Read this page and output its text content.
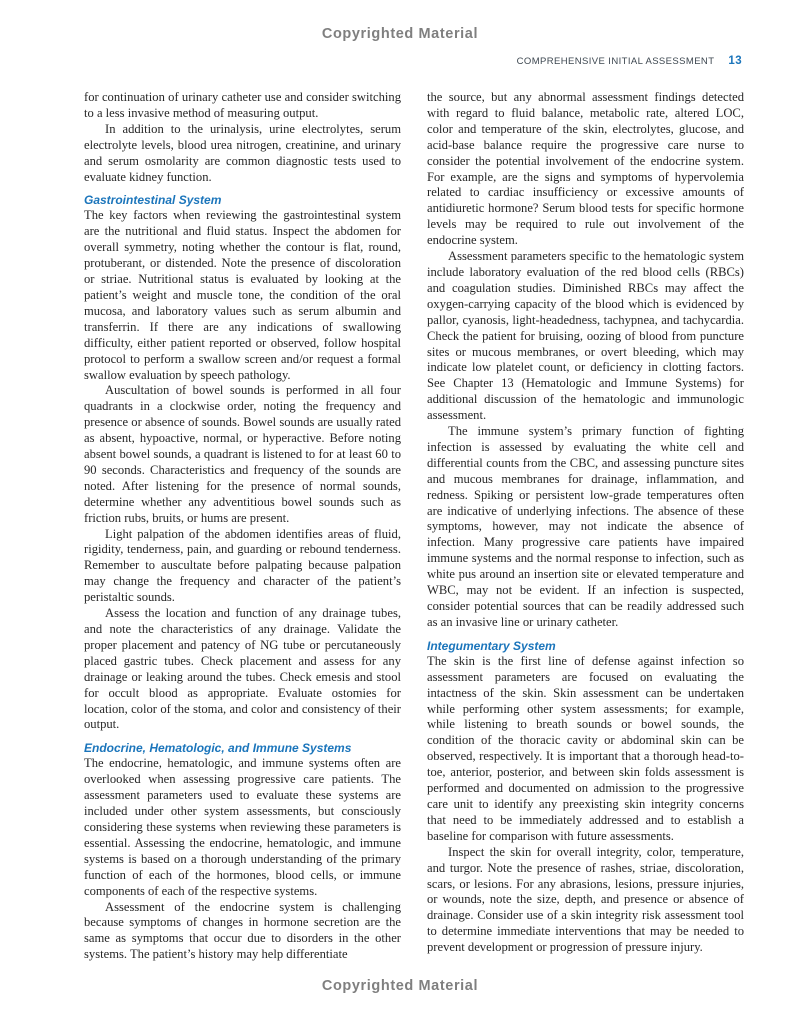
Copyrighted Material
COMPREHENSIVE INITIAL ASSESSMENT 13

for continuation of urinary catheter use and consider switching to a less invasive method of measuring output.

In addition to the urinalysis, urine electrolytes, serum electrolyte levels, blood urea nitrogen, creatinine, and urinary and serum osmolarity are common diagnostic tests used to evaluate kidney function.

Gastrointestinal System

The key factors when reviewing the gastrointestinal system are the nutritional and fluid status. Inspect the abdomen for overall symmetry, noting whether the contour is flat, round, protuberant, or distended. Note the presence of discoloration or striae. Nutritional status is evaluated by looking at the patient’s weight and muscle tone, the condition of the oral mucosa, and laboratory values such as serum albumin and transferrin. If there are any indications of swallowing difficulty, either patient reported or observed, follow hospital protocol to perform a swallow screen and/or request a formal swallow evaluation by speech pathology.

Auscultation of bowel sounds is performed in all four quadrants in a clockwise order, noting the frequency and presence or absence of sounds. Bowel sounds are usually rated as absent, hypoactive, normal, or hyperactive. Before noting absent bowel sounds, a quadrant is listened to for at least 60 to 90 seconds. Characteristics and frequency of the sounds are noted. After listening for the presence of normal sounds, determine whether any adventitious bowel sounds such as friction rubs, bruits, or hums are present.

Light palpation of the abdomen identifies areas of fluid, rigidity, tenderness, pain, and guarding or rebound tenderness. Remember to auscultate before palpating because palpation may change the frequency and character of the patient’s peristaltic sounds.

Assess the location and function of any drainage tubes, and note the characteristics of any drainage. Validate the proper placement and patency of NG tube or percutaneously placed gastric tubes. Check placement and assess for any drainage or leaking around the tubes. Check emesis and stool for occult blood as appropriate. Evaluate ostomies for location, color of the stoma, and color and consistency of their output.

Endocrine, Hematologic, and Immune Systems

The endocrine, hematologic, and immune systems often are overlooked when assessing progressive care patients. The assessment parameters used to evaluate these systems are included under other system assessments, but consciously considering these systems when reviewing these parameters is essential. Assessing the endocrine, hematologic, and immune systems is based on a thorough understanding of the primary function of each of the hormones, blood cells, or immune components of each of the respective systems.

Assessment of the endocrine system is challenging because symptoms of changes in hormone secretion are the same as symptoms that occur due to disorders in the other systems. The patient’s history may help differentiate

the source, but any abnormal assessment findings detected with regard to fluid balance, metabolic rate, altered LOC, color and temperature of the skin, electrolytes, glucose, and acid-base balance require the progressive care nurse to consider the potential involvement of the endocrine system. For example, are the signs and symptoms of hypervolemia related to cardiac insufficiency or excessive amounts of antidiuretic hormone? Serum blood tests for specific hormone levels may be required to rule out involvement of the endocrine system.

Assessment parameters specific to the hematologic system include laboratory evaluation of the red blood cells (RBCs) and coagulation studies. Diminished RBCs may affect the oxygen-carrying capacity of the blood which is evidenced by pallor, cyanosis, light-headedness, tachypnea, and tachycardia. Check the patient for bruising, oozing of blood from puncture sites or mucous membranes, or overt bleeding, which may indicate low platelet count, or deficiency in clotting factors. See Chapter 13 (Hematologic and Immune Systems) for additional discussion of the hematologic and immunologic assessment.

The immune system’s primary function of fighting infection is assessed by evaluating the white cell and differential counts from the CBC, and assessing puncture sites and mucous membranes for drainage, inflammation, and redness. Spiking or persistent low-grade temperatures often are indicative of underlying infections. The absence of these symptoms, however, may not indicate the absence of infection. Many progressive care patients have impaired immune systems and the normal response to infection, such as white pus around an insertion site or elevated temperature and WBC, may not be evident. If an infection is suspected, consider potential sources that can be readily addressed such as an invasive line or urinary catheter.

Integumentary System

The skin is the first line of defense against infection so assessment parameters are focused on evaluating the intactness of the skin. Skin assessment can be undertaken while performing other system assessments; for example, while listening to breath sounds or bowel sounds, the condition of the thoracic cavity or abdominal skin can be observed, respectively. It is important that a thorough head-to-toe, anterior, posterior, and between skin folds assessment is performed and documented on admission to the progressive care unit to identify any preexisting skin integrity concerns that need to be immediately addressed and to establish a baseline for comparison with future assessments.

Inspect the skin for overall integrity, color, temperature, and turgor. Note the presence of rashes, striae, discoloration, scars, or lesions. For any abrasions, lesions, pressure injuries, or wounds, note the size, depth, and presence or absence of drainage. Consider use of a skin integrity risk assessment tool to determine immediate interventions that may be needed to prevent development or progression of pressure injury.

Copyrighted Material
